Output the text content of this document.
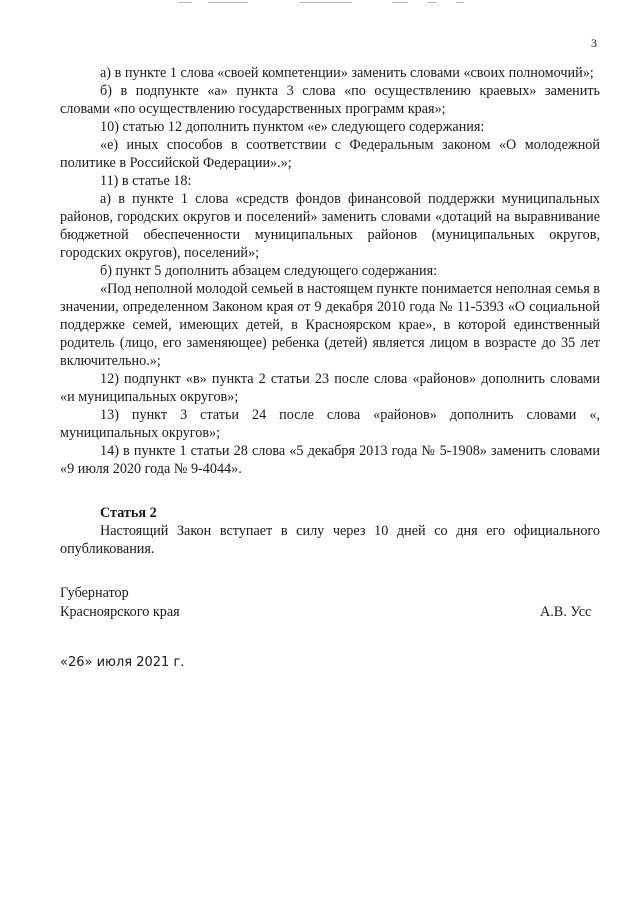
3

а) в пункте 1 слова «своей компетенции» заменить словами «своих полномочий»;

б) в подпункте «а» пункта 3 слова «по осуществлению краевых» заменить словами «по осуществлению государственных программ края»;

10) статью 12 дополнить пунктом «е» следующего содержания:

«е) иных способов в соответствии с Федеральным законом «О молодежной политике в Российской Федерации».»;

11) в статье 18:

а) в пункте 1 слова «средств фондов финансовой поддержки муниципальных районов, городских округов и поселений» заменить словами «дотаций на выравнивание бюджетной обеспеченности муниципальных районов (муниципальных округов, городских округов), поселений»;

б) пункт 5 дополнить абзацем следующего содержания:

«Под неполной молодой семьей в настоящем пункте понимается неполная семья в значении, определенном Законом края от 9 декабря 2010 года № 11-5393 «О социальной поддержке семей, имеющих детей, в Красноярском крае», в которой единственный родитель (лицо, его заменяющее) ребенка (детей) является лицом в возрасте до 35 лет включительно.»;

12) подпункт «в» пункта 2 статьи 23 после слова «районов» дополнить словами «и муниципальных округов»;

13) пункт 3 статьи 24 после слова «районов» дополнить словами «, муниципальных округов»;

14) в пункте 1 статьи 28 слова «5 декабря 2013 года № 5-1908» заменить словами «9 июля 2020 года № 9-4044».

Статья 2

Настоящий Закон вступает в силу через 10 дней со дня его официального опубликования.

Губернатор
Красноярского края	А.В. Усс
«26» июля 2021 г.
